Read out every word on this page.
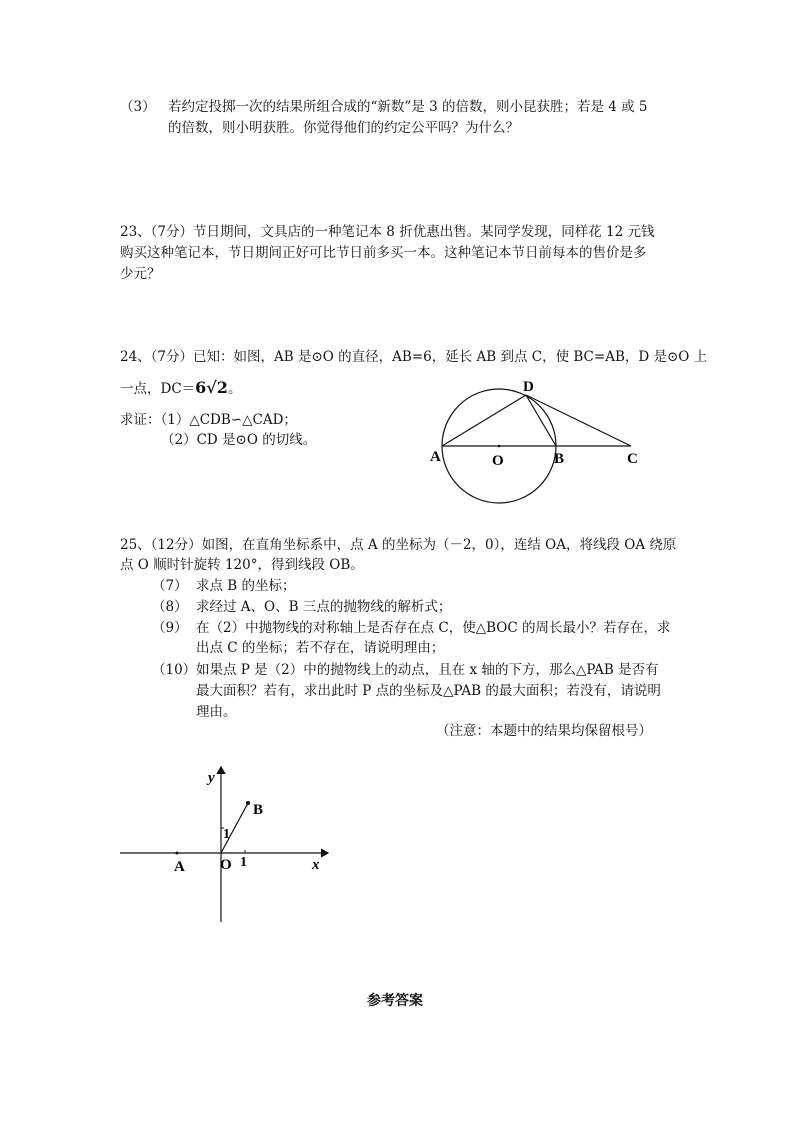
（3） 若约定投掷一次的结果所组合成的“新数”是 3 的倍数，则小昆获胜；若是 4 或 5
的倍数，则小明获胜。你觉得他们的约定公平吗？为什么？
23、（7分）节日期间，文具店的一种笔记本 8 折优惠出售。某同学发现，同样花 12 元钱
购买这种笔记本，节日期间正好可比节日前多买一本。这种笔记本节日前每本的售价是多
少元？
24、（7分）已知：如图，AB 是⊙O 的直径，AB=6，延长 AB 到点 C，使 BC=AB，D 是⊙O 上
一点，DC＝6√2。
求证：（1）△CDB∽△CAD；
（2）CD 是⊙O 的切线。
A	O	B	C
D
25、（12分）如图，在直角坐标系中，点 A 的坐标为（－2，0），连结 OA，将线段 OA 绕原
点 O 顺时针旋转 120°，得到线段 OB。
（7） 求点 B 的坐标；
（8） 求经过 A、O、B 三点的抛物线的解析式；
（9） 在（2）中抛物线的对称轴上是否存在点 C，使△BOC 的周长最小？若存在，求
出点 C 的坐标；若不存在，请说明理由；
（10） 如果点 P 是（2）中的抛物线上的动点，且在 x 轴的下方，那么△PAB 是否有
最大面积？若有，求出此时 P 点的坐标及△PAB 的最大面积；若没有，请说明
理由。
（注意：本题中的结果均保留根号）
y
x
B
A O 1
1
参考答案
